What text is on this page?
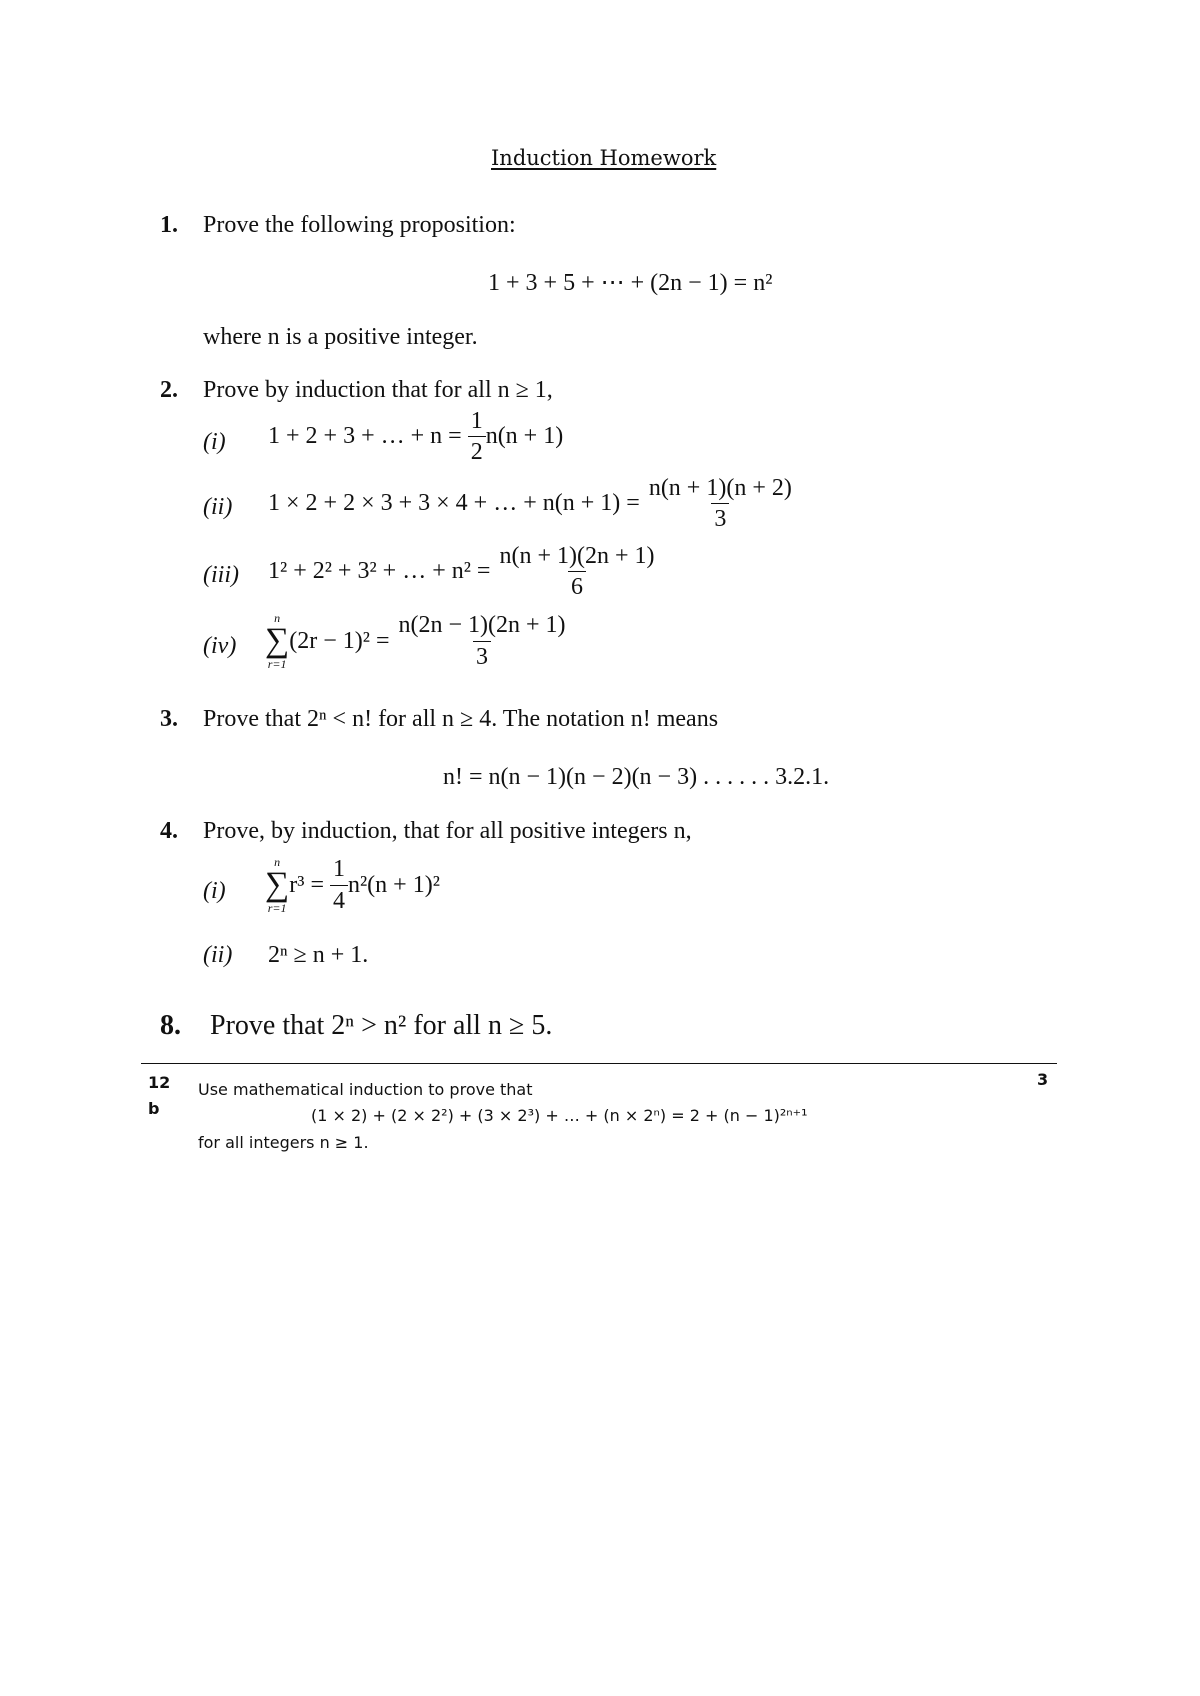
Induction Homework
1. Prove the following proposition:
1 + 3 + 5 + ⋯ + (2n − 1) = n²
where n is a positive integer.
2. Prove by induction that for all n ≥ 1,
(i) 1 + 2 + 3 + … + n =
$\frac{1}{2} n(n + 1)$
(ii) 1 × 2 + 2 × 3 + 3 × 4 + … + n(n + 1) =
$\frac{n(n + 1)(n + 2)}{3}$
(iii) 1² + 2² + 3² + … + n² =
$\frac{n(n + 1)(2n + 1)}{6}$
(iv)
n
∑
r=1
(2r − 1)² =
$\frac{n(2n - 1)(2n + 1)}{3}$
3. Prove that 2ⁿ < n! for all n ≥ 4. The notation n! means
n! = n(n − 1)(n − 2)(n − 3) . . . . . . 3.2.1.
4. Prove, by induction, that for all positive integers n,
(i)
n
∑
r=1
r³ =
$\frac{1}{4} n^2(n + 1)^2$
(ii) 2ⁿ ≥ n + 1.
8. Prove that 2ⁿ > n² for all n ≥ 5.
12
b
3
Use mathematical induction to prove that
(1 × 2) + (2 × 2²) + (3 × 2³) + … + (n × 2ⁿ) = 2 + (n − 1)²ⁿ⁺¹
for all integers n ≥ 1.
